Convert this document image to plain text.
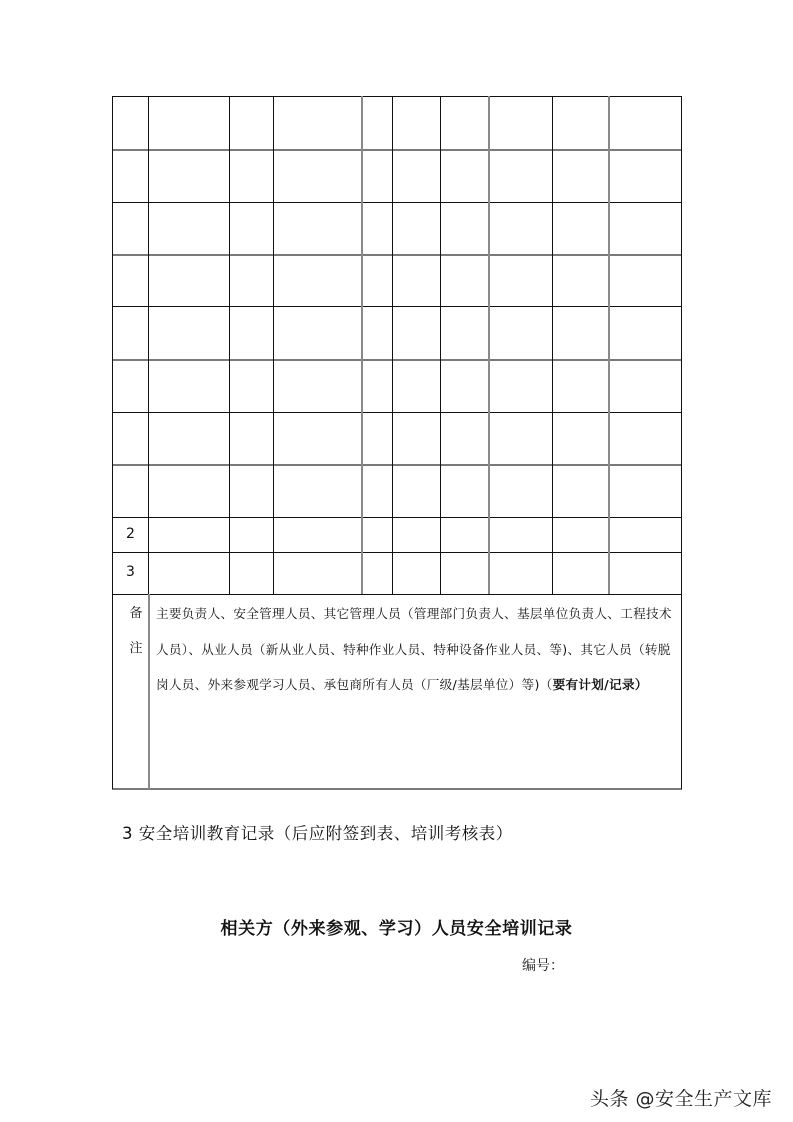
2
3
备
注
主要负责人、安全管理人员、其它管理人员（管理部门负责人、基层单位负责人、工程技术人员）、从业人员（新从业人员、特种作业人员、特种设备作业人员、等)、其它人员（转脱岗人员、外来参观学习人员、承包商所有人员（厂级/基层单位）等)（要有计划/记录）
3 安全培训教育记录（后应附签到表、培训考核表）
相关方（外来参观、学习）人员安全培训记录
编号：
头条 @安全生产文库
